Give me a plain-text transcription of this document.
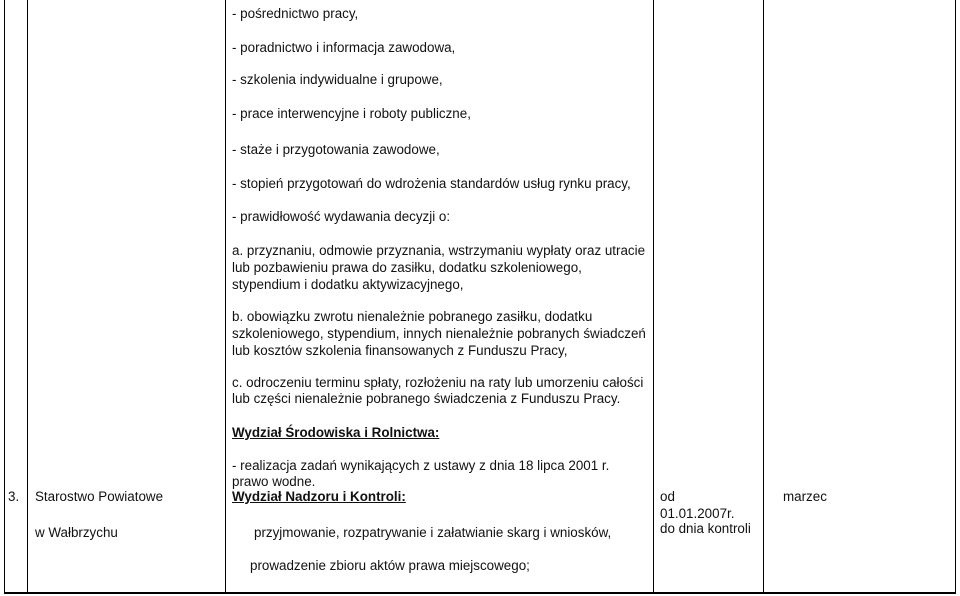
3. Starostwo Powiatowe
w Wałbrzychu
- pośrednictwo pracy,
- poradnictwo i informacja zawodowa,
- szkolenia indywidualne i grupowe,
- prace interwencyjne i roboty publiczne,
- staże i przygotowania zawodowe,
- stopień przygotowań do wdrożenia standardów usług rynku pracy,
- prawidłowość wydawania decyzji o:
a. przyznaniu, odmowie przyznania, wstrzymaniu wypłaty oraz utracie
lub pozbawieniu prawa do zasiłku, dodatku szkoleniowego,
stypendium i dodatku aktywizacyjnego,
b. obowiązku zwrotu nienależnie pobranego zasiłku, dodatku
szkoleniowego, stypendium, innych nienależnie pobranych świadczeń
lub kosztów szkolenia finansowanych z Funduszu Pracy,
c. odroczeniu terminu spłaty, rozłożeniu na raty lub umorzeniu całości
lub części nienależnie pobranego świadczenia z Funduszu Pracy.
Wydział Środowiska i Rolnictwa:
- realizacja zadań wynikających z ustawy z dnia 18 lipca 2001 r.
prawo wodne.
Wydział Nadzoru i Kontroli:
przyjmowanie, rozpatrywanie i załatwianie skarg i wniosków,
prowadzenie zbioru aktów prawa miejscowego;
od
01.01.2007r.
do dnia kontroli
marzec
